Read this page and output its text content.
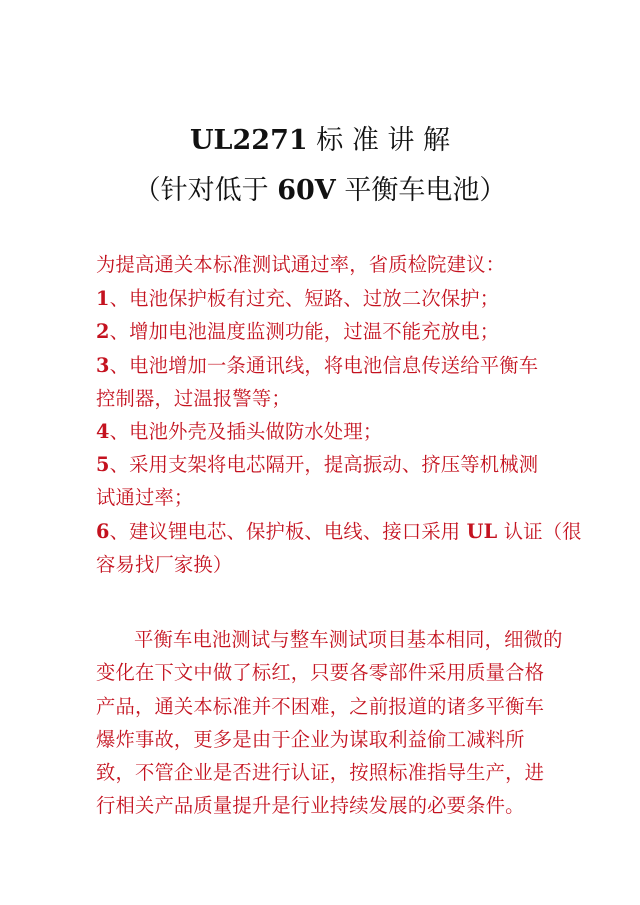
UL2271 标 准 讲 解
（针对低于 60V 平衡车电池）
为提高通关本标准测试通过率，省质检院建议：
1、电池保护板有过充、短路、过放二次保护；
2、增加电池温度监测功能，过温不能充放电；
3、电池增加一条通讯线，将电池信息传送给平衡车
控制器，过温报警等；
4、电池外壳及插头做防水处理；
5、采用支架将电芯隔开，提高振动、挤压等机械测
试通过率；
6、建议锂电芯、保护板、电线、接口采用 UL 认证（很
容易找厂家换）
平衡车电池测试与整车测试项目基本相同，细微的
变化在下文中做了标红，只要各零部件采用质量合格
产品，通关本标准并不困难，之前报道的诸多平衡车
爆炸事故，更多是由于企业为谋取利益偷工减料所
致，不管企业是否进行认证，按照标准指导生产，进
行相关产品质量提升是行业持续发展的必要条件。
